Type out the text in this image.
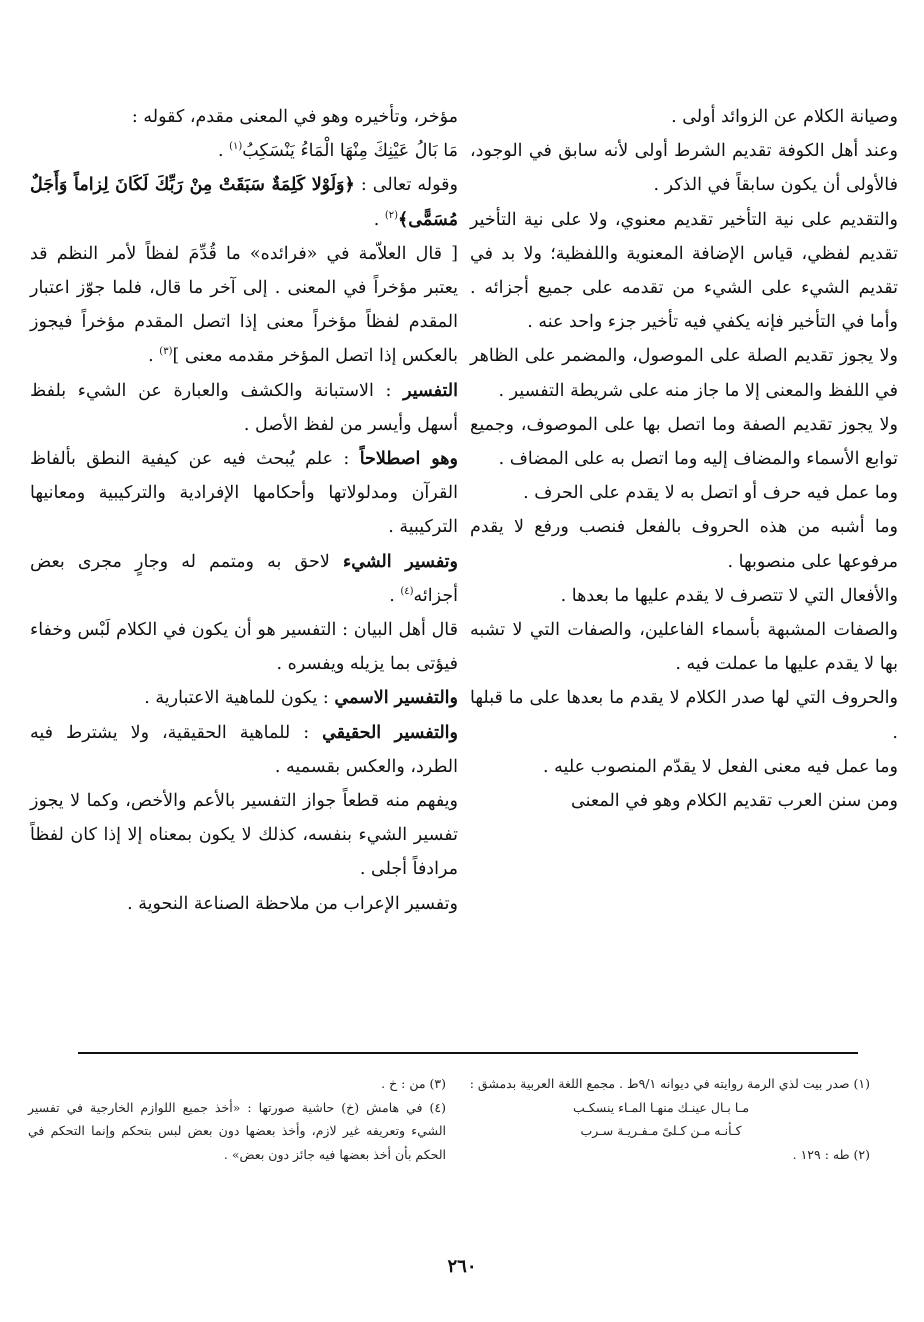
وصيانة الكلام عن الزوائد أولى .

وعند أهل الكوفة تقديم الشرط أولى لأنه سابق في الوجود، فالأولى أن يكون سابقاً في الذكر .

والتقديم على نية التأخير تقديم معنوي، ولا على نية التأخير تقديم لفظي، قياس الإضافة المعنوية واللفظية؛ ولا بد في تقديم الشيء على الشيء من تقدمه على جميع أجزائه . وأما في التأخير فإنه يكفي فيه تأخير جزء واحد عنه .

ولا يجوز تقديم الصلة على الموصول، والمضمر على الظاهر في اللفظ والمعنى إلا ما جاز منه على شريطة التفسير .

ولا يجوز تقديم الصفة وما اتصل بها على الموصوف، وجميع توابع الأسماء والمضاف إليه وما اتصل به على المضاف .

وما عمل فيه حرف أو اتصل به لا يقدم على الحرف .

وما أشبه من هذه الحروف بالفعل فنصب ورفع لا يقدم مرفوعها على منصوبها .

والأفعال التي لا تتصرف لا يقدم عليها ما بعدها .

والصفات المشبهة بأسماء الفاعلين، والصفات التي لا تشبه بها لا يقدم عليها ما عملت فيه .

والحروف التي لها صدر الكلام لا يقدم ما بعدها على ما قبلها .

وما عمل فيه معنى الفعل لا يقدّم المنصوب عليه .

ومن سنن العرب تقديم الكلام وهو في المعنى

مؤخر، وتأخيره وهو في المعنى مقدم، كقوله :

مَا بَالُ عَيْنِكَ مِنْهَا الْمَاءُ يَنْسَكِبُ$^{(١)}$ .

وقوله تعالى : ﴿وَلَوْلا كَلِمَةٌ سَبَقَتْ مِنْ رَبِّكَ لَكَانَ لِزاماً وَأَجَلٌ مُسَمًّى﴾$^{(٢)}$ .

[ قال العلاّمة في «فرائده» ما قُدِّمَ لفظاً لأمر النظم قد يعتبر مؤخراً في المعنى . إلى آخر ما قال، فلما جوّز اعتبار المقدم لفظاً مؤخراً معنى إذا اتصل المقدم مؤخراً فيجوز بالعكس إذا اتصل المؤخر مقدمه معنى ]$^{(٣)}$ .

التفسير : الاستبانة والكشف والعبارة عن الشيء بلفظ أسهل وأيسر من لفظ الأصل .

وهو اصطلاحاً : علم يُبحث فيه عن كيفية النطق بألفاظ القرآن ومدلولاتها وأحكامها الإفرادية والتركيبية ومعانيها التركيبية .

وتفسير الشيء لاحق به ومتمم له وجارٍ مجرى بعض أجزائه$^{(٤)}$ .

قال أهل البيان : التفسير هو أن يكون في الكلام لَبْس وخفاء فيؤتى بما يزيله ويفسره .

والتفسير الاسمي : يكون للماهية الاعتبارية .

والتفسير الحقيقي : للماهية الحقيقية، ولا يشترط فيه الطرد، والعكس بقسميه .

ويفهم منه قطعاً جواز التفسير بالأعم والأخص، وكما لا يجوز تفسير الشيء بنفسه، كذلك لا يكون بمعناه إلا إذا كان لفظاً مرادفاً أجلى .

وتفسير الإعراب من ملاحظة الصناعة النحوية .

(١) صدر بيت لذي الرمة روايته في ديوانه ٩/١ط . مجمع اللغة العربية بدمشق :

مـا بـال عينـك منهـا المـاء ينسكـب

كـأنـه مـن كـلىً مـفـريـة سـرب

(٢) طه : ١٢٩ .

(٣) من : خ .

(٤) في هامش (خ) حاشية صورتها : «أخذ جميع اللوازم الخارجية في تفسير الشيء وتعريفه غير لازم، وأخذ بعضها دون بعض لبس بتحكم وإنما التحكم في الحكم بأن أخذ بعضها فيه جائز دون بعض» .

٢٦٠
